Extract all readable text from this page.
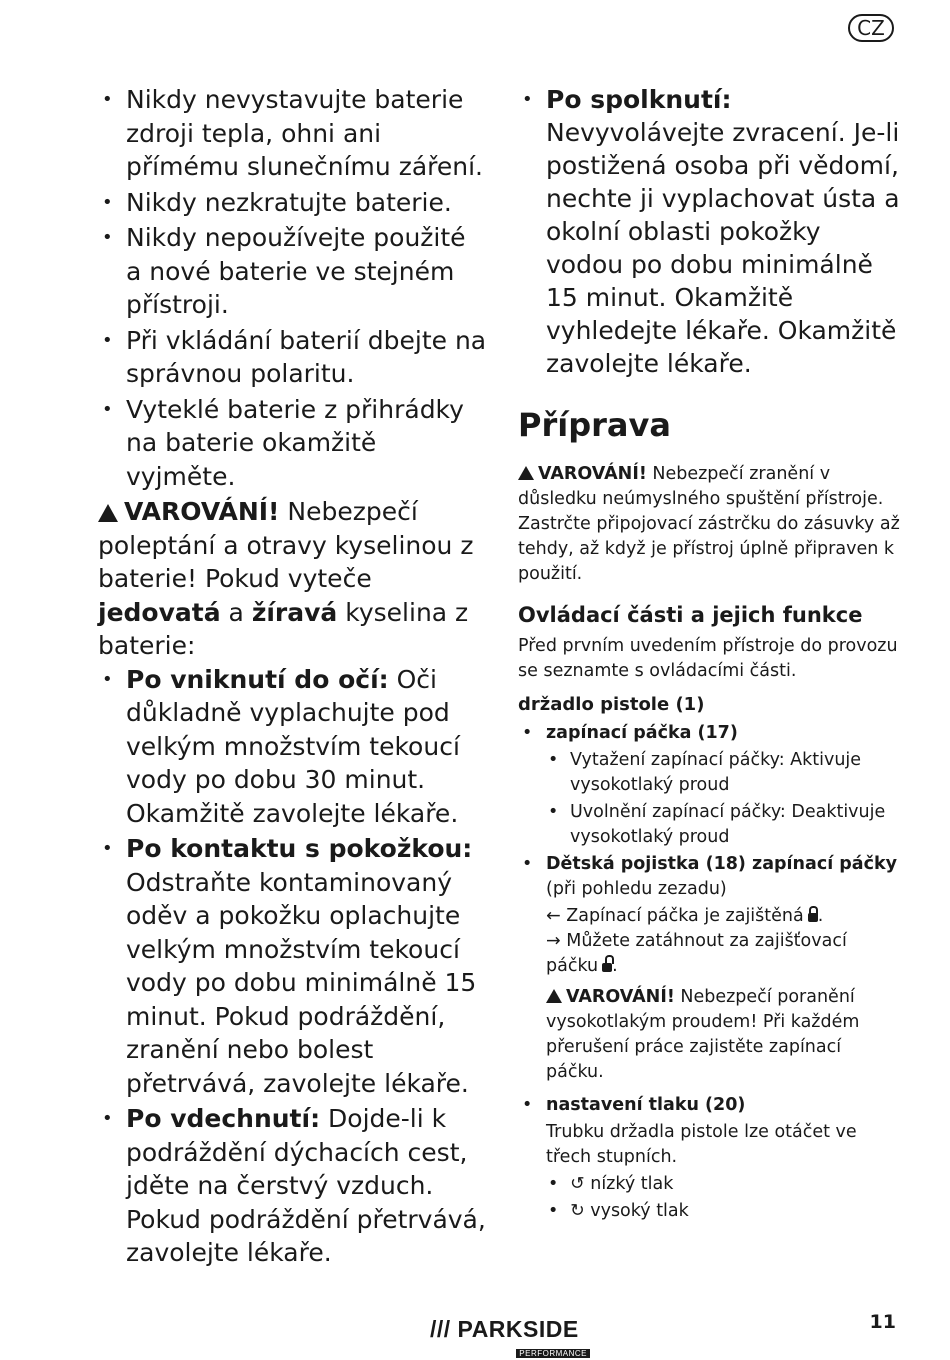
CZ
• Nikdy nevystavujte baterie zdroji tepla, ohni ani přímému slunečnímu záření.
• Nikdy nezkratujte baterie.
• Nikdy nepoužívejte použité a nové baterie ve stejném přístroji.
• Při vkládání baterií dbejte na správnou polaritu.
• Vyteklé baterie z přihrádky na baterie okamžitě vyjměte.

VAROVÁNÍ! Nebezpečí poleptání a otravy kyselinou z baterie! Pokud vyteče jedovatá a žíravá kyselina z baterie:

• Po vniknutí do očí: Oči důkladně vyplachujte pod velkým množstvím tekoucí vody po dobu 30 minut. Okamžitě zavolejte lékaře.
• Po kontaktu s pokožkou: Odstraňte kontaminovaný oděv a pokožku oplachujte velkým množstvím tekoucí vody po dobu minimálně 15 minut. Pokud podráždění, zranění nebo bolest přetrvává, zavolejte lékaře.
• Po vdechnutí: Dojde-li k podráždění dýchacích cest, jděte na čerstvý vzduch. Pokud podráždění přetrvává, zavolejte lékaře.
• Po spolknutí: Nevyvolávejte zvracení. Je-li postižená osoba při vědomí, nechte ji vyplachovat ústa a okolní oblasti pokožky vodou po dobu minimálně 15 minut. Okamžitě vyhledejte lékaře. Okamžitě zavolejte lékaře.
Příprava

VAROVÁNÍ! Nebezpečí zranění v důsledku neúmyslného spuštění přístroje. Zastrčte připojovací zástrčku do zásuvky až tehdy, až když je přístroj úplně připraven k použití.

Ovládací části a jejich funkce

Před prvním uvedením přístroje do provozu se seznamte s ovládacími části.

držadlo pistole (1)
• zapínací páčka (17)
• Vytažení zapínací páčky: Aktivuje vysokotlaký proud
• Uvolnění zapínací páčky: Deaktivuje vysokotlaký proud
• Dětská pojistka (18) zapínací páčky (při pohledu zezadu)
← Zapínací páčka je zajištěná .
→ Můžete zatáhnout za zajišťovací páčku .

VAROVÁNÍ! Nebezpečí poranění vysokotlakým proudem! Při každém přerušení práce zajistěte zapínací páčku.

• nastavení tlaku (20)
Trubku držadla pistole lze otáčet ve třech stupních.
• ↺ nízký tlak
• ↻ vysoký tlak
/// PARKSIDE
PERFORMANCE
11
